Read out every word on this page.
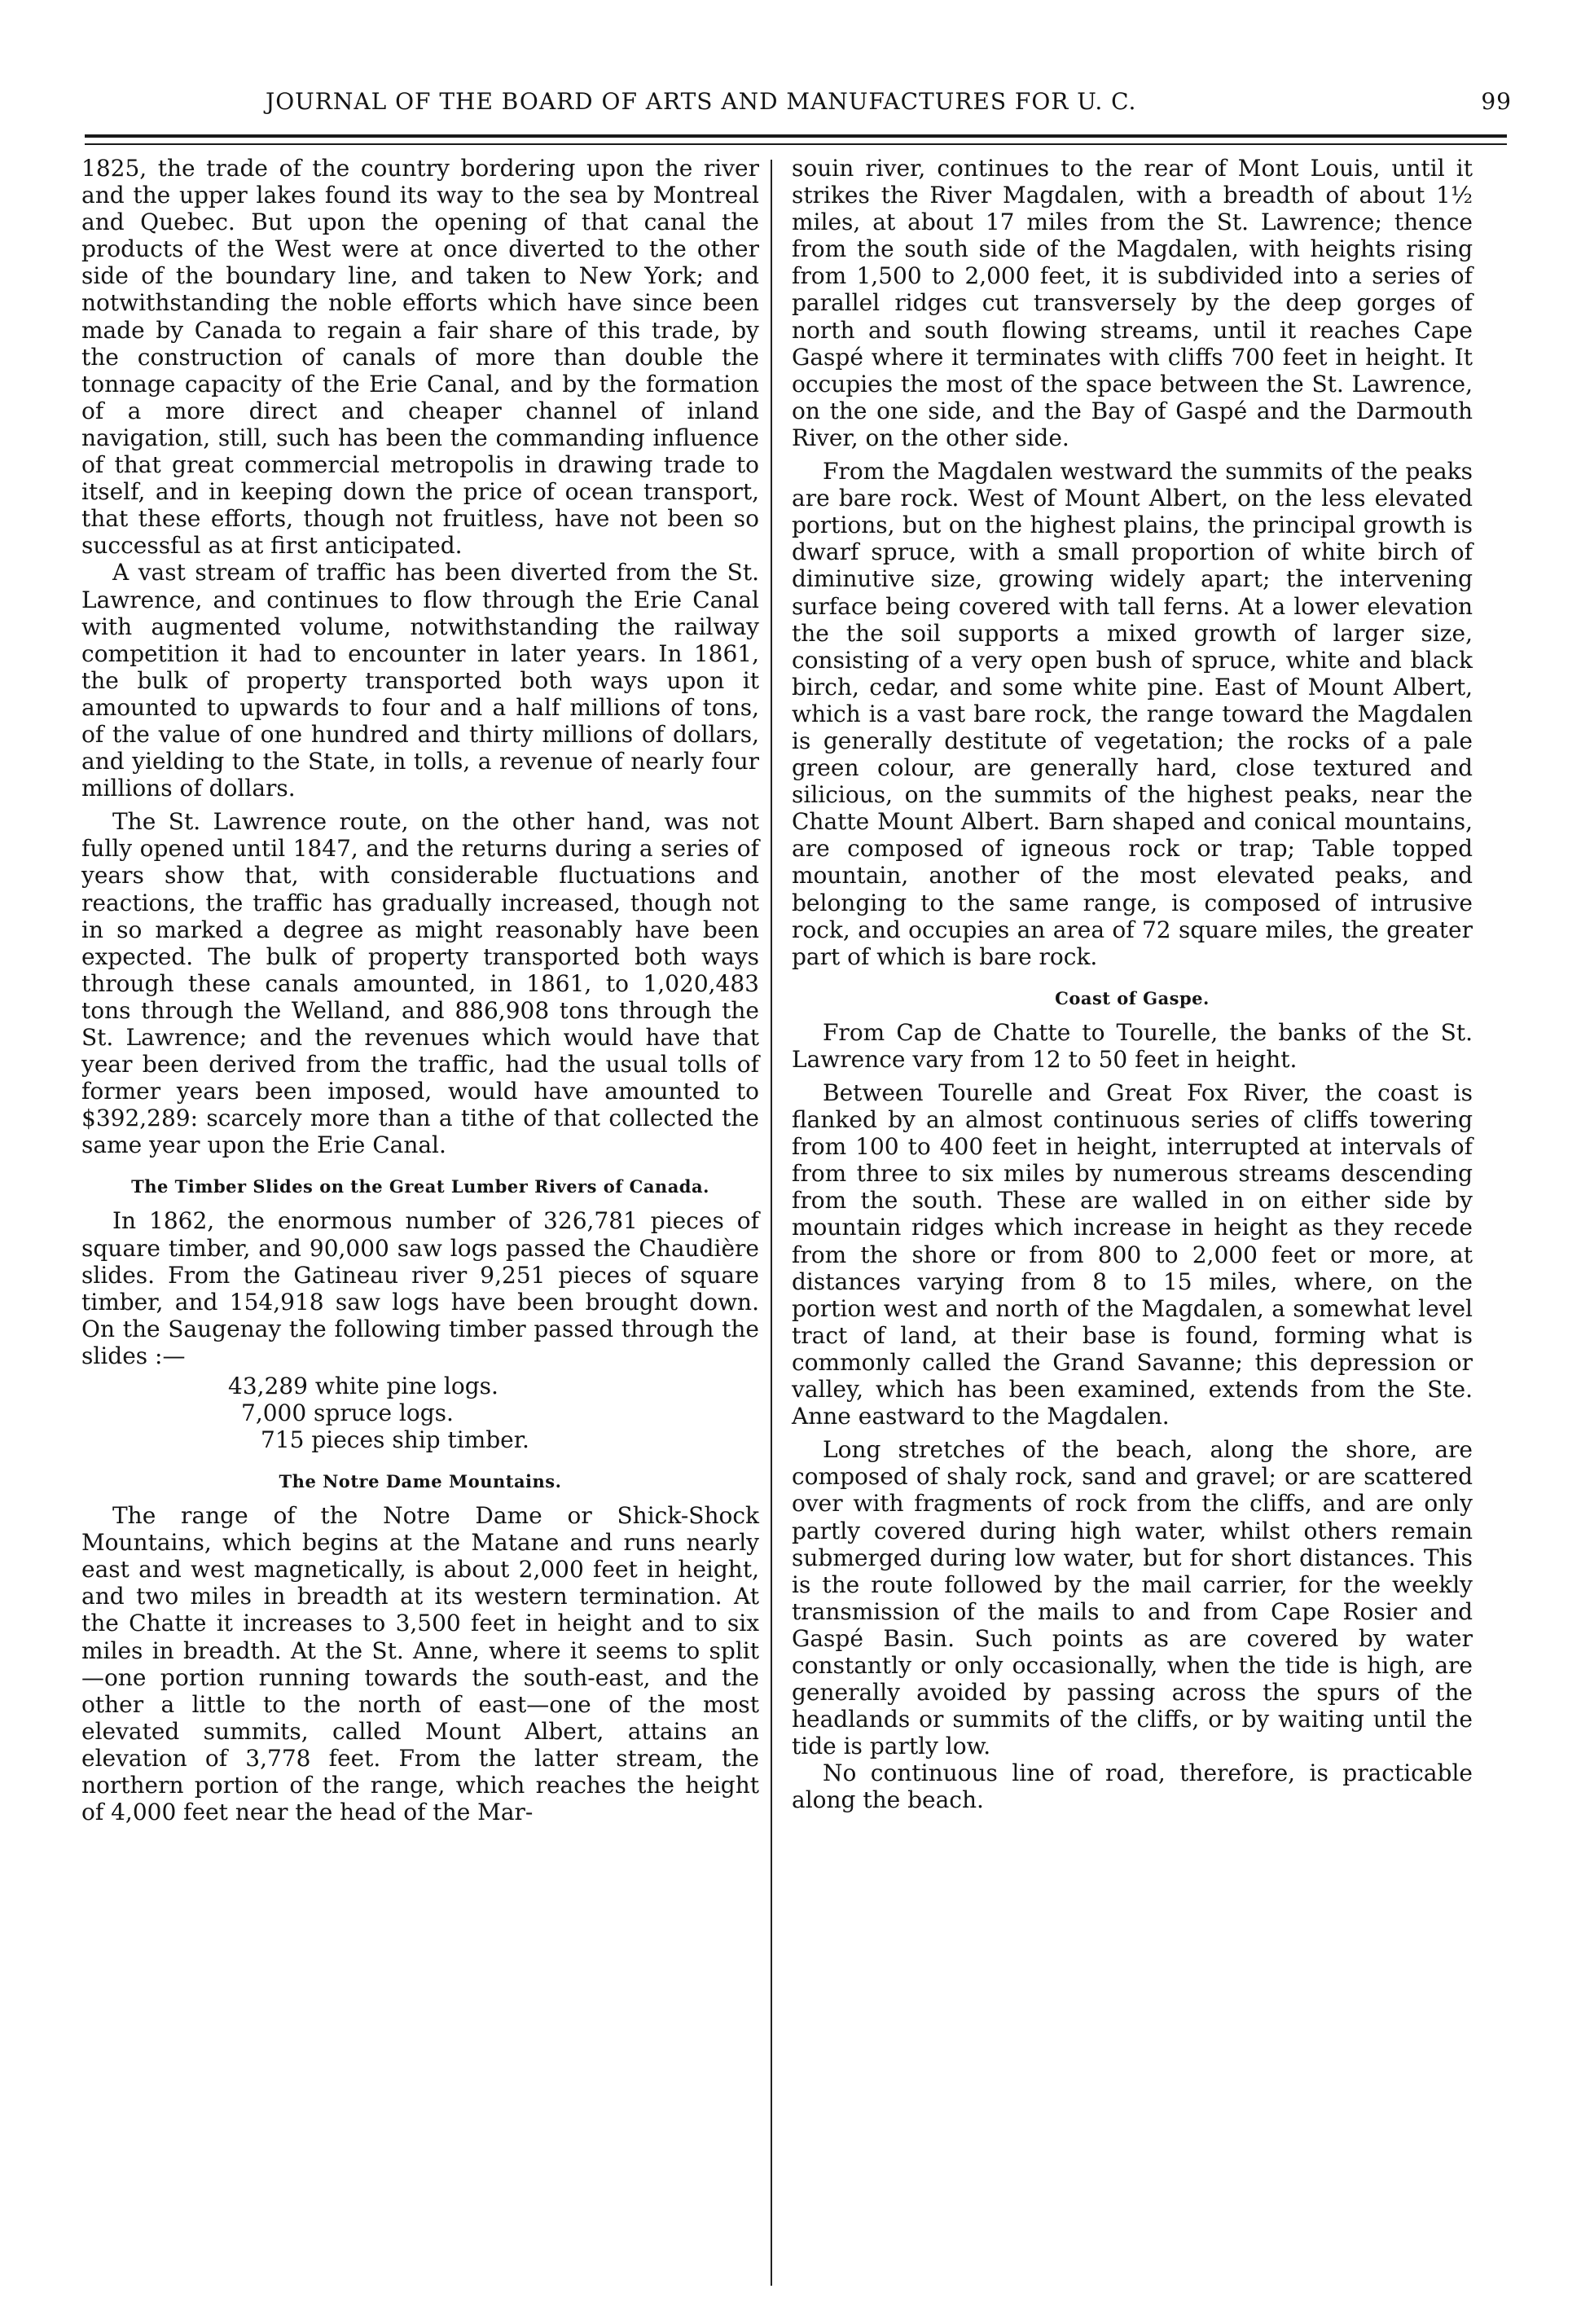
JOURNAL OF THE BOARD OF ARTS AND MANUFACTURES FOR U. C.	99

1825, the trade of the country bordering upon the river and the upper lakes found its way to the sea by Montreal and Quebec. But upon the opening of that canal the products of the West were at once diverted to the other side of the boundary line, and taken to New York; and notwithstanding the noble efforts which have since been made by Canada to regain a fair share of this trade, by the construction of canals of more than double the tonnage capacity of the Erie Canal, and by the formation of a more direct and cheaper channel of inland navigation, still, such has been the commanding influence of that great commercial metropolis in drawing trade to itself, and in keeping down the price of ocean transport, that these efforts, though not fruitless, have not been so successful as at first anticipated.

A vast stream of traffic has been diverted from the St. Lawrence, and continues to flow through the Erie Canal with augmented volume, notwithstanding the railway competition it had to encounter in later years. In 1861, the bulk of property transported both ways upon it amounted to upwards to four and a half millions of tons, of the value of one hundred and thirty millions of dollars, and yielding to the State, in tolls, a revenue of nearly four millions of dollars.

The St. Lawrence route, on the other hand, was not fully opened until 1847, and the returns during a series of years show that, with considerable fluctuations and reactions, the traffic has gradually increased, though not in so marked a degree as might reasonably have been expected. The bulk of property transported both ways through these canals amounted, in 1861, to 1,020,483 tons through the Welland, and 886,908 tons through the St. Lawrence; and the revenues which would have that year been derived from the traffic, had the usual tolls of former years been imposed, would have amounted to $392,289: scarcely more than a tithe of that collected the same year upon the Erie Canal.

The Timber Slides on the Great Lumber Rivers of Canada.

In 1862, the enormous number of 326,781 pieces of square timber, and 90,000 saw logs passed the Chaudière slides. From the Gatineau river 9,251 pieces of square timber, and 154,918 saw logs have been brought down. On the Saugenay the following timber passed through the slides :—

43,289 white pine logs.
7,000 spruce logs.
715 pieces ship timber.
The Notre Dame Mountains.

The range of the Notre Dame or Shick-Shock Mountains, which begins at the Matane and runs nearly east and west magnetically, is about 2,000 feet in height, and two miles in breadth at its western termination. At the Chatte it increases to 3,500 feet in height and to six miles in breadth. At the St. Anne, where it seems to split—one portion running towards the south-east, and the other a little to the north of east—one of the most elevated summits, called Mount Albert, attains an elevation of 3,778 feet. From the latter stream, the northern portion of the range, which reaches the height of 4,000 feet near the head of the Mar-

souin river, continues to the rear of Mont Louis, until it strikes the River Magdalen, with a breadth of about 1½ miles, at about 17 miles from the St. Lawrence; thence from the south side of the Magdalen, with heights rising from 1,500 to 2,000 feet, it is subdivided into a series of parallel ridges cut transversely by the deep gorges of north and south flowing streams, until it reaches Cape Gaspé where it terminates with cliffs 700 feet in height. It occupies the most of the space between the St. Lawrence, on the one side, and the Bay of Gaspé and the Darmouth River, on the other side.

From the Magdalen westward the summits of the peaks are bare rock. West of Mount Albert, on the less elevated portions, but on the highest plains, the principal growth is dwarf spruce, with a small proportion of white birch of diminutive size, growing widely apart; the intervening surface being covered with tall ferns. At a lower elevation the the soil supports a mixed growth of larger size, consisting of a very open bush of spruce, white and black birch, cedar, and some white pine. East of Mount Albert, which is a vast bare rock, the range toward the Magdalen is generally destitute of vegetation; the rocks of a pale green colour, are generally hard, close textured and silicious, on the summits of the highest peaks, near the Chatte Mount Albert. Barn shaped and conical mountains, are composed of igneous rock or trap; Table topped mountain, another of the most elevated peaks, and belonging to the same range, is composed of intrusive rock, and occupies an area of 72 square miles, the greater part of which is bare rock.

Coast of Gaspe.

From Cap de Chatte to Tourelle, the banks of the St. Lawrence vary from 12 to 50 feet in height.

Between Tourelle and Great Fox River, the coast is flanked by an almost continuous series of cliffs towering from 100 to 400 feet in height, interrupted at intervals of from three to six miles by numerous streams descending from the south. These are walled in on either side by mountain ridges which increase in height as they recede from the shore or from 800 to 2,000 feet or more, at distances varying from 8 to 15 miles, where, on the portion west and north of the Magdalen, a somewhat level tract of land, at their base is found, forming what is commonly called the Grand Savanne; this depression or valley, which has been examined, extends from the Ste. Anne eastward to the Magdalen.

Long stretches of the beach, along the shore, are composed of shaly rock, sand and gravel; or are scattered over with fragments of rock from the cliffs, and are only partly covered during high water, whilst others remain submerged during low water, but for short distances. This is the route followed by the mail carrier, for the weekly transmission of the mails to and from Cape Rosier and Gaspé Basin. Such points as are covered by water constantly or only occasionally, when the tide is high, are generally avoided by passing across the spurs of the headlands or summits of the cliffs, or by waiting until the tide is partly low.

No continuous line of road, therefore, is practicable along the beach.
